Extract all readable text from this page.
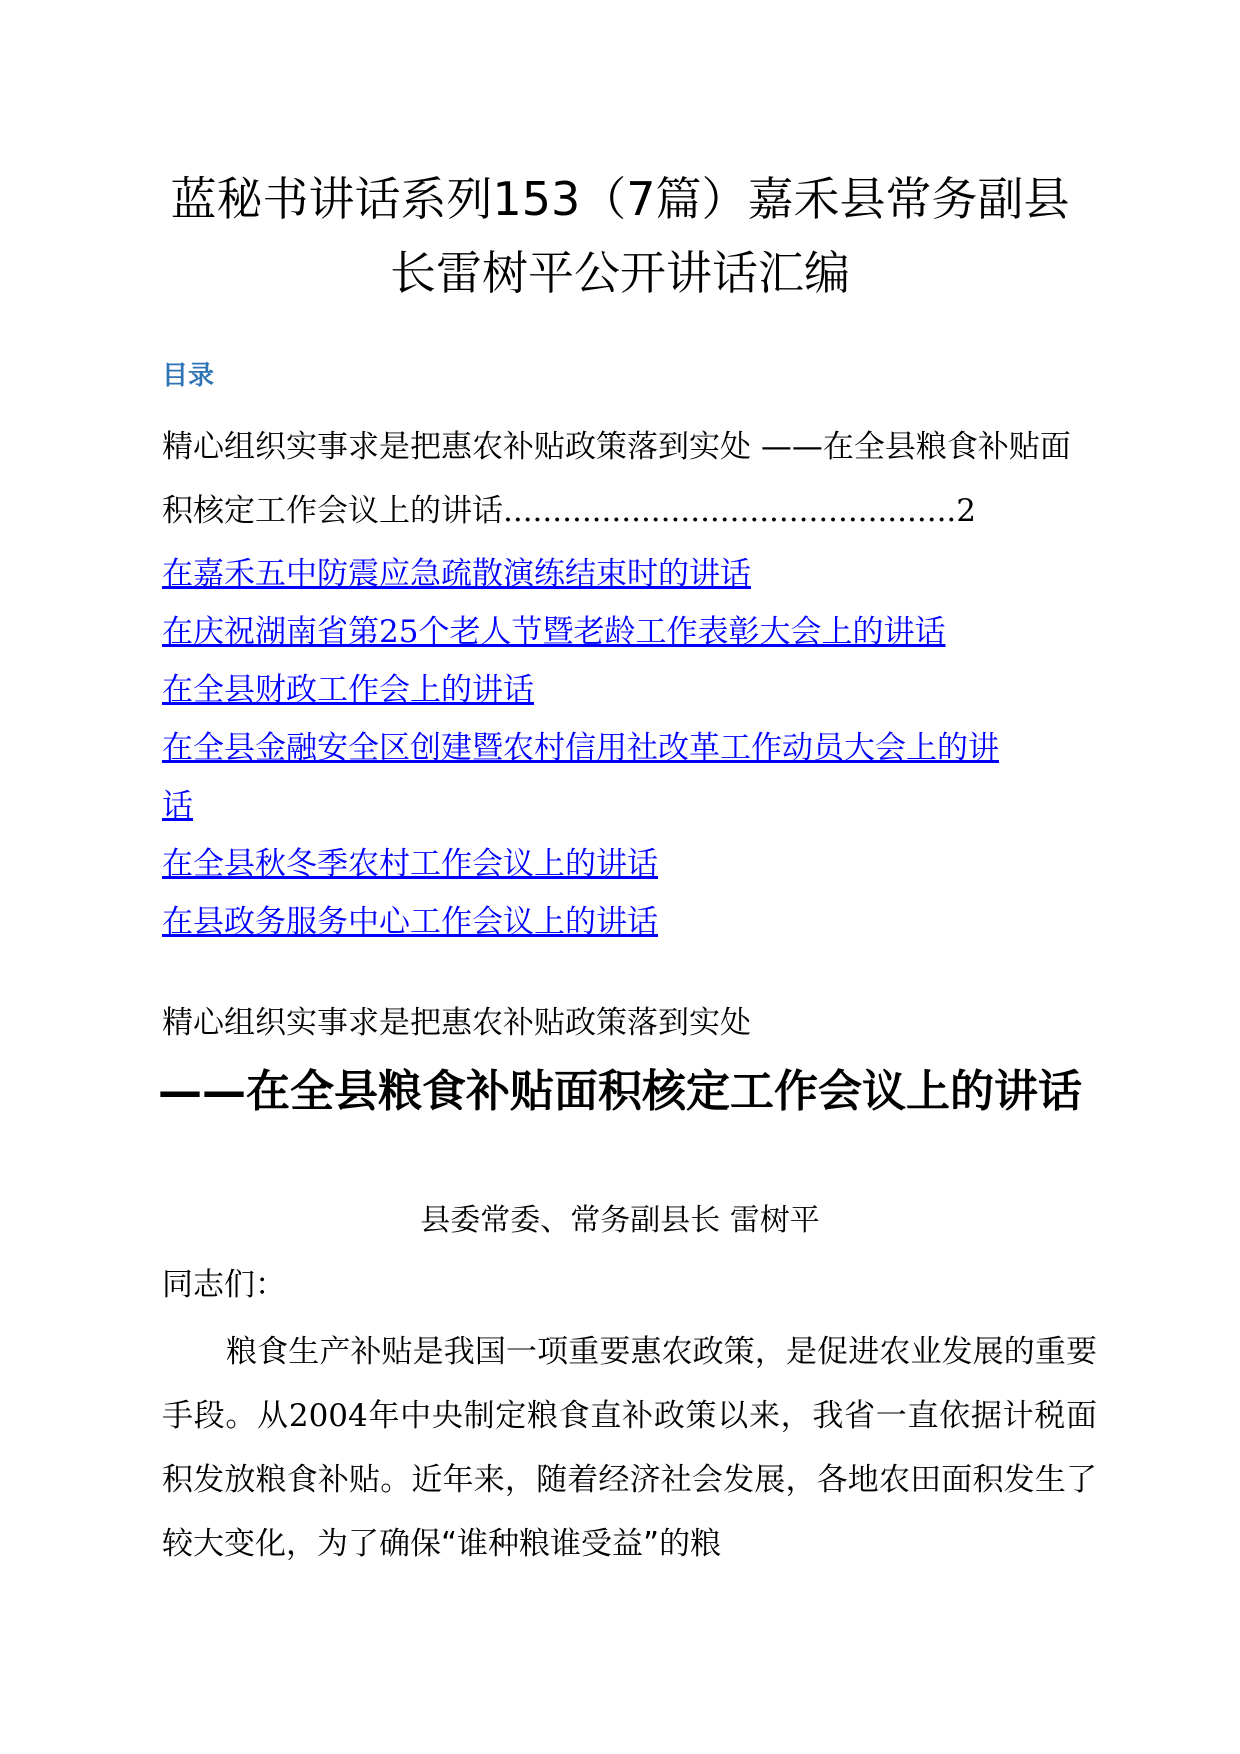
蓝秘书讲话系列153（7篇）嘉禾县常务副县长雷树平公开讲话汇编
目录
精心组织实事求是把惠农补贴政策落到实处 ——在全县粮食补贴面积核定工作会议上的讲话..............................................2
在嘉禾五中防震应急疏散演练结束时的讲话
在庆祝湖南省第25个老人节暨老龄工作表彰大会上的讲话
在全县财政工作会上的讲话
在全县金融安全区创建暨农村信用社改革工作动员大会上的讲
话
在全县秋冬季农村工作会议上的讲话
在县政务服务中心工作会议上的讲话
精心组织实事求是把惠农补贴政策落到实处
——在全县粮食补贴面积核定工作会议上的讲话
县委常委、常务副县长 雷树平
同志们：
粮食生产补贴是我国一项重要惠农政策，是促进农业发展的重要手段。从2004年中央制定粮食直补政策以来，我省一直依据计税面积发放粮食补贴。近年来，随着经济社会发展，各地农田面积发生了较大变化，为了确保“谁种粮谁受益”的粮
